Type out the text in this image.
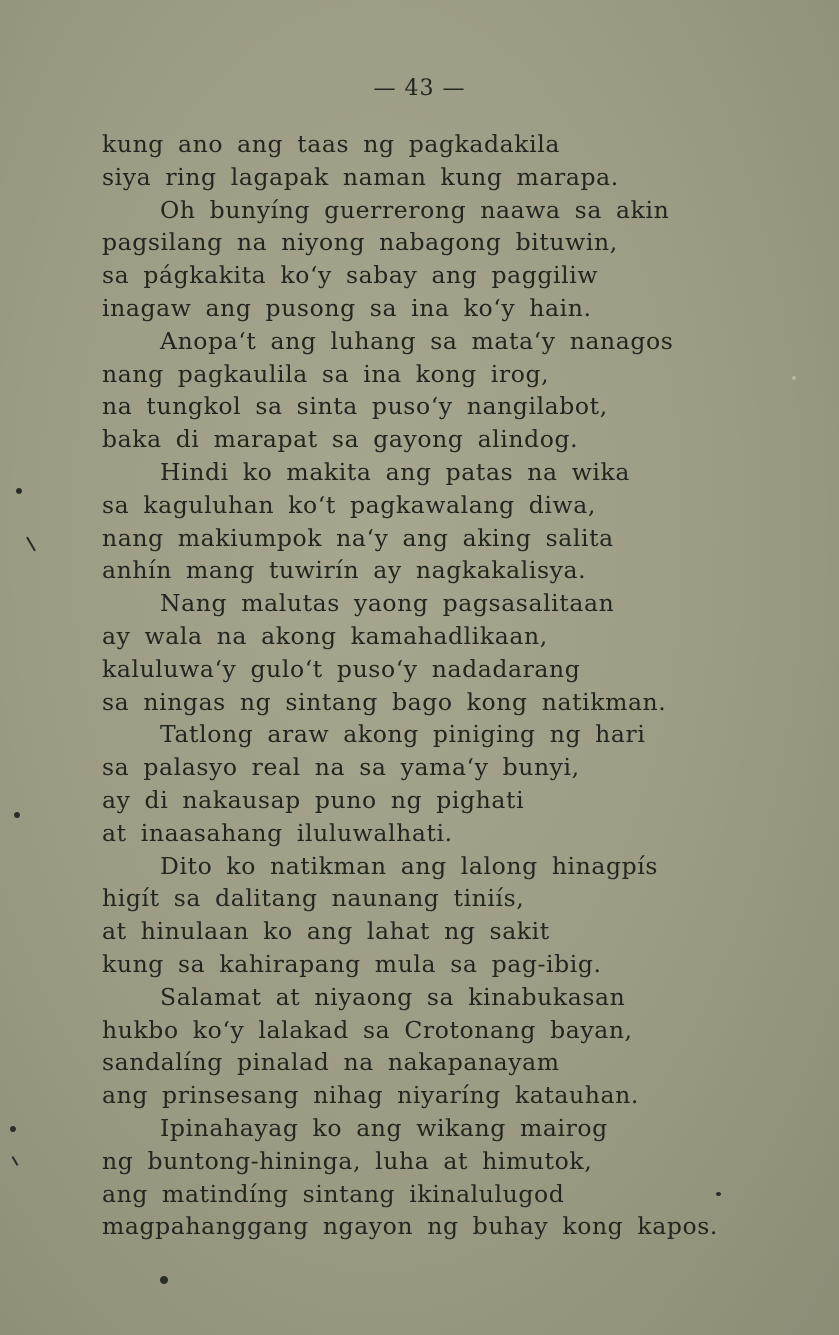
— 43 —
kung ano ang taas ng pagkadakila
siya ring lagapak naman kung marapa.
Oh bunyíng guerrerong naawa sa akin
pagsilang na niyong nabagong bituwin,
sa págkakita ko‘y sabay ang paggiliw
inagaw ang pusong sa ina ko‘y hain.
Anopa‘t ang luhang sa mata‘y nanagos
nang pagkaulila sa ina kong irog,
na tungkol sa sinta puso‘y nangilabot,
baka di marapat sa gayong alindog.
Hindi ko makita ang patas na wika
sa kaguluhan ko‘t pagkawalang diwa,
nang makiumpok na‘y ang aking salita
anhín mang tuwirín ay nagkakalisya.
Nang malutas yaong pagsasalitaan
ay wala na akong kamahadlikaan,
kaluluwa‘y gulo‘t puso‘y nadadarang
sa ningas ng sintang bago kong natikman.
Tatlong araw akong piniging ng hari
sa palasyo real na sa yama‘y bunyi,
ay di nakausap puno ng pighati
at inaasahang iluluwalhati.
Dito ko natikman ang lalong hinagpís
higít sa dalitang naunang tiniís,
at hinulaan ko ang lahat ng sakit
kung sa kahirapang mula sa pag-ibig.
Salamat at niyaong sa kinabukasan
hukbo ko‘y lalakad sa Crotonang bayan,
sandalíng pinalad na nakapanayam
ang prinsesang nihag niyaríng katauhan.
Ipinahayag ko ang wikang mairog
ng buntong-hininga, luha at himutok,
ang matindíng sintang ikinalulugod
magpahanggang ngayon ng buhay kong kapos.
